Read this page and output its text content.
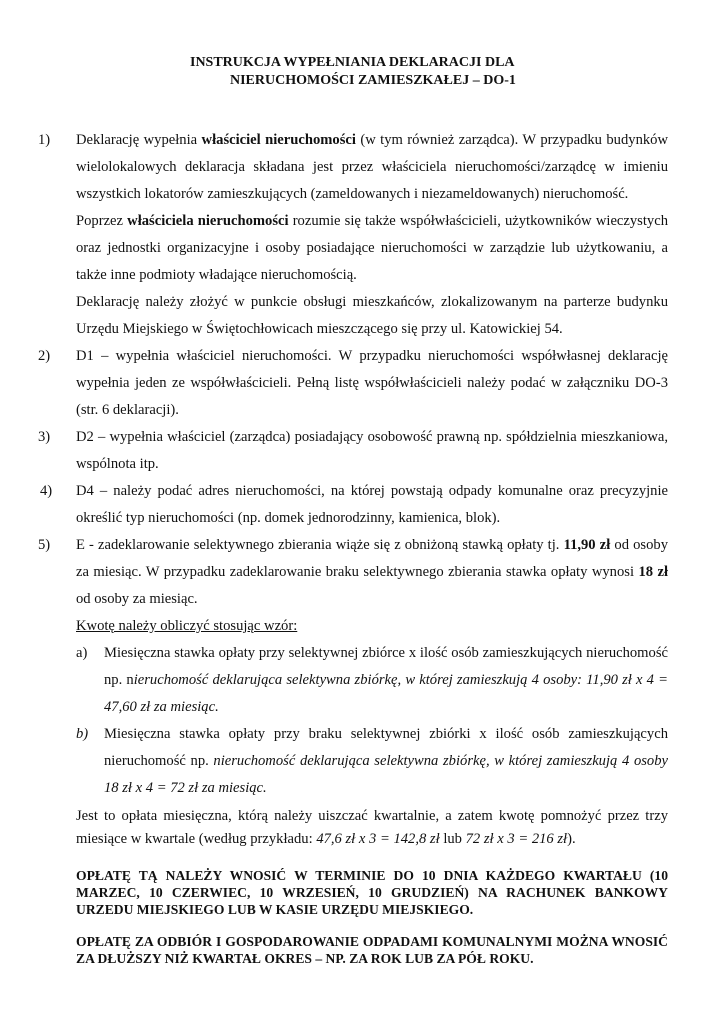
INSTRUKCJA WYPEŁNIANIA DEKLARACJI DLA
NIERUCHOMOŚCI ZAMIESZKAŁEJ – DO-1
1) Deklarację wypełnia właściciel nieruchomości (w tym również zarządca). W przypadku budynków wielolokalowych deklaracja składana jest przez właściciela nieruchomości/zarządcę w imieniu wszystkich lokatorów zamieszkujących (zameldowanych i niezameldowanych) nieruchomość.

Poprzez właściciela nieruchomości rozumie się także współwłaścicieli, użytkowników wieczystych oraz jednostki organizacyjne i osoby posiadające nieruchomości w zarządzie lub użytkowaniu, a także inne podmioty władające nieruchomością.

Deklarację należy złożyć w punkcie obsługi mieszkańców, zlokalizowanym na parterze budynku Urzędu Miejskiego w Świętochłowicach mieszczącego się przy ul. Katowickiej 54.

2) D1 – wypełnia właściciel nieruchomości. W przypadku nieruchomości współwłasnej deklarację wypełnia jeden ze współwłaścicieli. Pełną listę współwłaścicieli należy podać w załączniku DO-3 (str. 6 deklaracji).

3) D2 – wypełnia właściciel (zarządca) posiadający osobowość prawną np. spółdzielnia mieszkaniowa, wspólnota itp.

4) D4 – należy podać adres nieruchomości, na której powstają odpady komunalne oraz precyzyjnie określić typ nieruchomości (np. domek jednorodzinny, kamienica, blok).

5) E - zadeklarowanie selektywnego zbierania wiąże się z obniżoną stawką opłaty tj. 11,90 zł od osoby za miesiąc. W przypadku zadeklarowanie braku selektywnego zbierania stawka opłaty wynosi 18 zł od osoby za miesiąc.

Kwotę należy obliczyć stosując wzór:

a) Miesięczna stawka opłaty przy selektywnej zbiórce x ilość osób zamieszkujących nieruchomość np. nieruchomość deklarująca selektywna zbiórkę, w której zamieszkują 4 osoby: 11,90 zł x 4 = 47,60 zł za miesiąc.

b) Miesięczna stawka opłaty przy braku selektywnej zbiórki x ilość osób zamieszkujących nieruchomość np. nieruchomość deklarująca selektywna zbiórkę, w której zamieszkują 4 osoby 18 zł x 4 = 72 zł za miesiąc.

Jest to opłata miesięczna, którą należy uiszczać kwartalnie, a zatem kwotę pomnożyć przez trzy miesiące w kwartale (według przykładu: 47,6 zł x 3 = 142,8 zł lub 72 zł x 3 = 216 zł).

OPŁATĘ TĄ NALEŻY WNOSIĆ W TERMINIE DO 10 DNIA KAŻDEGO KWARTAŁU (10 MARZEC, 10 CZERWIEC, 10 WRZESIEŃ, 10 GRUDZIEŃ) NA RACHUNEK BANKOWY URZEDU MIEJSKIEGO LUB W KASIE URZĘDU MIEJSKIEGO.

OPŁATĘ ZA ODBIÓR I GOSPODAROWANIE ODPADAMI KOMUNALNYMI MOŻNA WNOSIĆ ZA DŁUŻSZY NIŻ KWARTAŁ OKRES – NP. ZA ROK LUB ZA PÓŁ ROKU.
